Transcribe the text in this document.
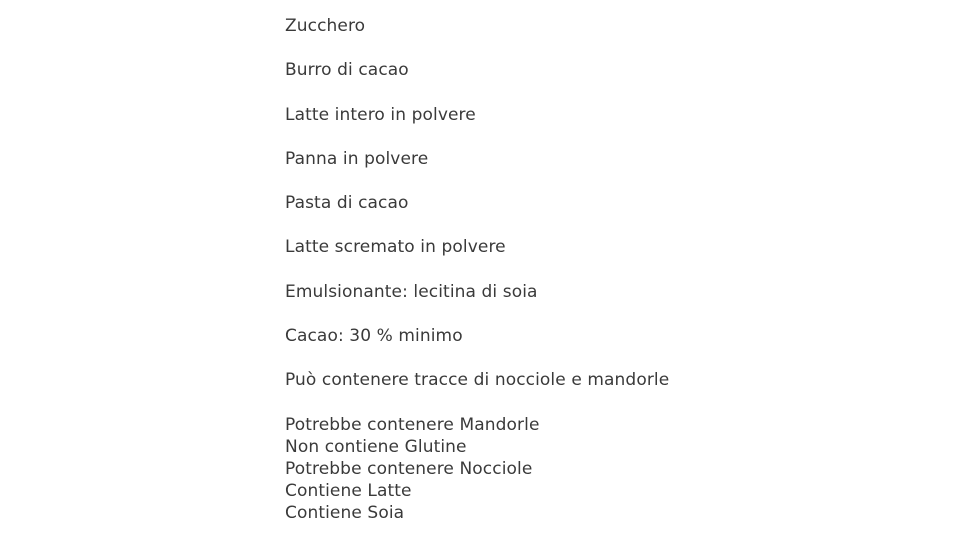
Zucchero
Burro di cacao
Latte intero in polvere
Panna in polvere
Pasta di cacao
Latte scremato in polvere
Emulsionante: lecitina di soia
Cacao: 30 % minimo
Può contenere tracce di nocciole e mandorle
Potrebbe contenere Mandorle
Non contiene Glutine
Potrebbe contenere Nocciole
Contiene Latte
Contiene Soia
